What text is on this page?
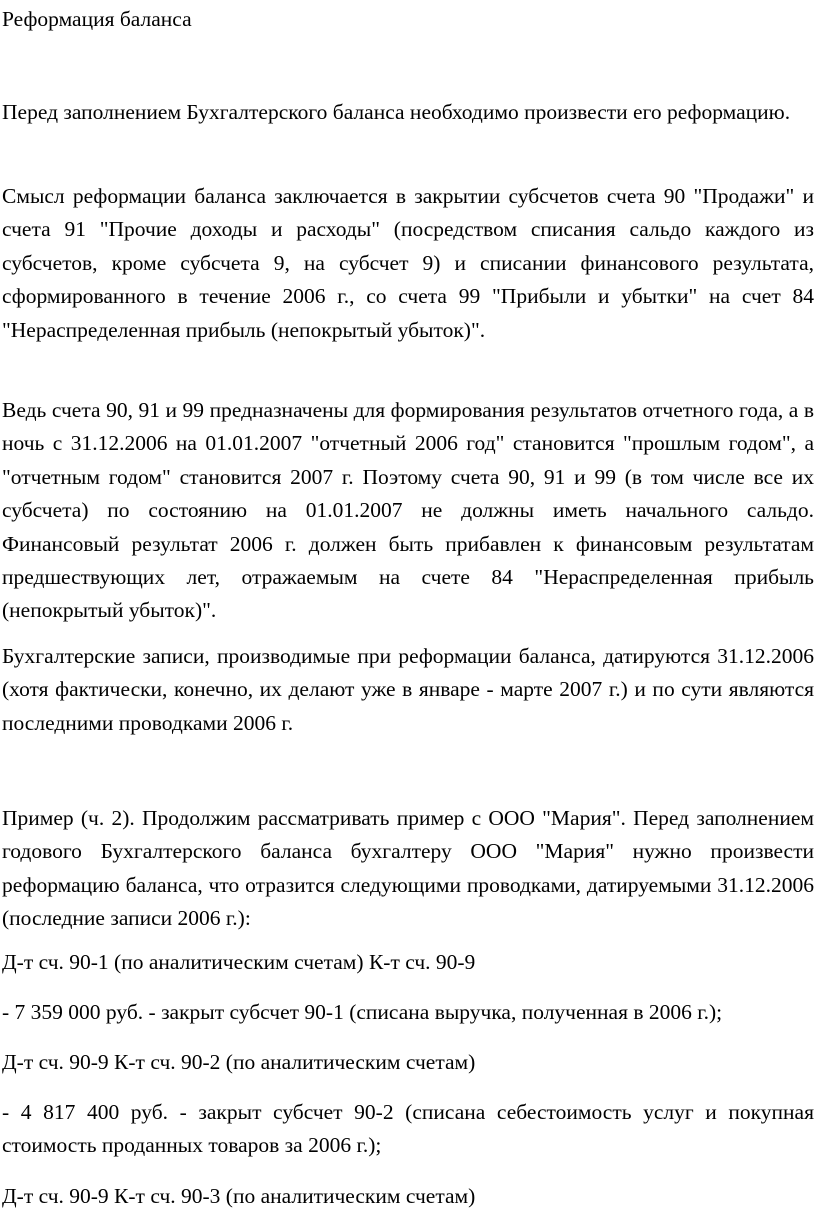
Реформация баланса

Перед заполнением Бухгалтерского баланса необходимо произвести его реформацию.

Смысл реформации баланса заключается в закрытии субсчетов счета 90 "Продажи" и счета 91 "Прочие доходы и расходы" (посредством списания сальдо каждого из субсчетов, кроме субсчета 9, на субсчет 9) и списании финансового результата, сформированного в течение 2006 г., со счета 99 "Прибыли и убытки" на счет 84 "Нераспределенная прибыль (непокрытый убыток)".

Ведь счета 90, 91 и 99 предназначены для формирования результатов отчетного года, а в ночь с 31.12.2006 на 01.01.2007 "отчетный 2006 год" становится "прошлым годом", а "отчетным годом" становится 2007 г. Поэтому счета 90, 91 и 99 (в том числе все их субсчета) по состоянию на 01.01.2007 не должны иметь начального сальдо. Финансовый результат 2006 г. должен быть прибавлен к финансовым результатам предшествующих лет, отражаемым на счете 84 "Нераспределенная прибыль (непокрытый убыток)".

Бухгалтерские записи, производимые при реформации баланса, датируются 31.12.2006 (хотя фактически, конечно, их делают уже в январе - марте 2007 г.) и по сути являются последними проводками 2006 г.

Пример (ч. 2). Продолжим рассматривать пример с ООО "Мария". Перед заполнением годового Бухгалтерского баланса бухгалтеру ООО "Мария" нужно произвести реформацию баланса, что отразится следующими проводками, датируемыми 31.12.2006 (последние записи 2006 г.):

Д-т сч. 90-1 (по аналитическим счетам) К-т сч. 90-9

- 7 359 000 руб. - закрыт субсчет 90-1 (списана выручка, полученная в 2006 г.);

Д-т сч. 90-9 К-т сч. 90-2 (по аналитическим счетам)

- 4 817 400 руб. - закрыт субсчет 90-2 (списана себестоимость услуг и покупная стоимость проданных товаров за 2006 г.);

Д-т сч. 90-9 К-т сч. 90-3 (по аналитическим счетам)
